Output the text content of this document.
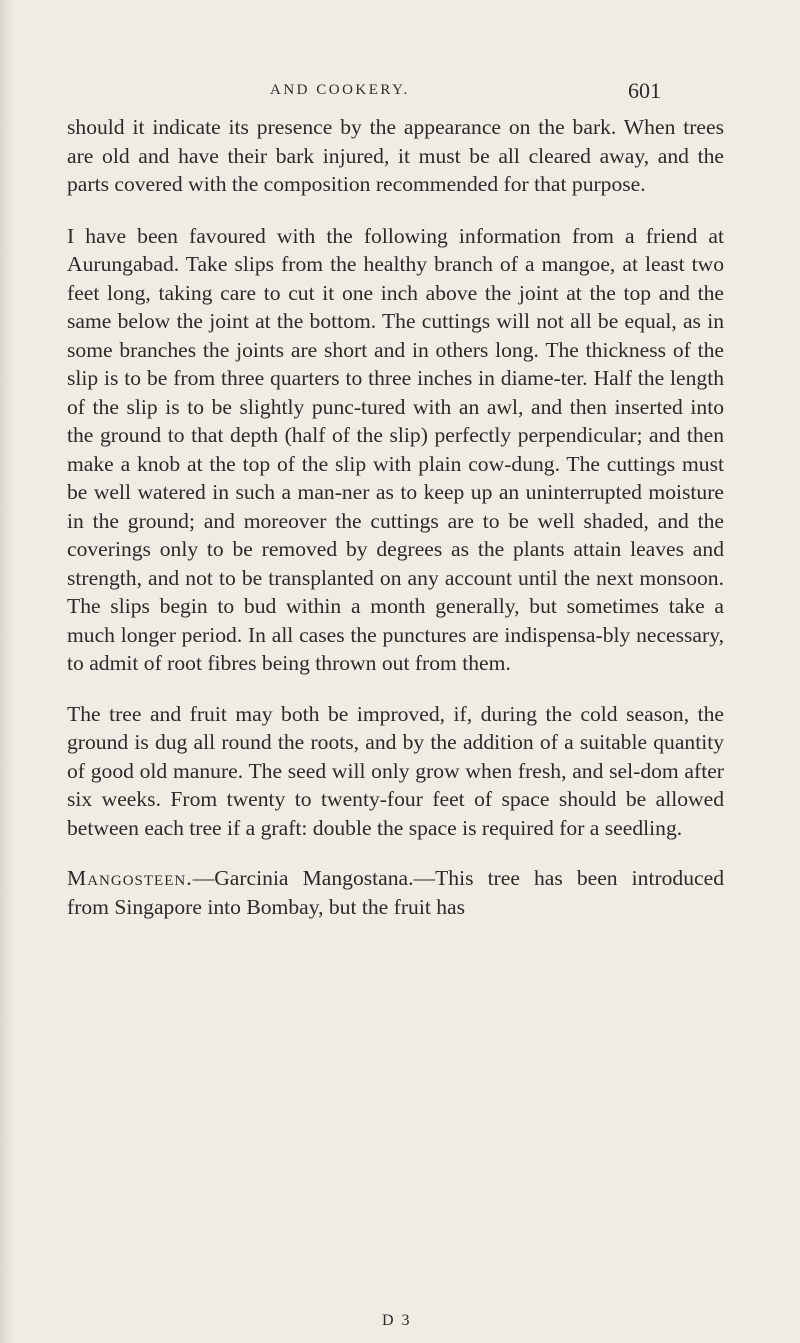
AND COOKERY.	601

should it indicate its presence by the appearance on the bark. When trees are old and have their bark injured, it must be all cleared away, and the parts covered with the composition recommended for that purpose.

I have been favoured with the following information from a friend at Aurungabad. Take slips from the healthy branch of a mangoe, at least two feet long, taking care to cut it one inch above the joint at the top and the same below the joint at the bottom. The cuttings will not all be equal, as in some branches the joints are short and in others long. The thickness of the slip is to be from three quarters to three inches in diame-ter. Half the length of the slip is to be slightly punc-tured with an awl, and then inserted into the ground to that depth (half of the slip) perfectly perpendicular; and then make a knob at the top of the slip with plain cow-dung. The cuttings must be well watered in such a man-ner as to keep up an uninterrupted moisture in the ground; and moreover the cuttings are to be well shaded, and the coverings only to be removed by degrees as the plants attain leaves and strength, and not to be transplanted on any account until the next monsoon. The slips begin to bud within a month generally, but sometimes take a much longer period. In all cases the punctures are indispensa-bly necessary, to admit of root fibres being thrown out from them.

The tree and fruit may both be improved, if, during the cold season, the ground is dug all round the roots, and by the addition of a suitable quantity of good old manure. The seed will only grow when fresh, and sel-dom after six weeks. From twenty to twenty-four feet of space should be allowed between each tree if a graft: double the space is required for a seedling.

Mangosteen.—Garcinia Mangostana.—This tree has been introduced from Singapore into Bombay, but the fruit has

D 3
